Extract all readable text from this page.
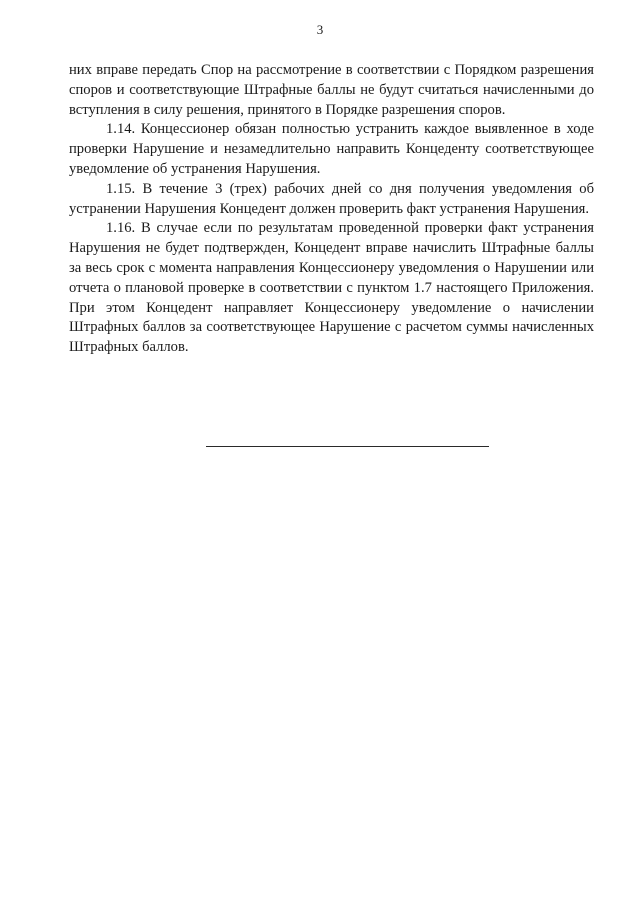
3

них вправе передать Спор на рассмотрение в соответствии с Порядком разрешения споров и соответствующие Штрафные баллы не будут считаться начисленными до вступления в силу решения, принятого в Порядке разрешения споров.

1.14. Концессионер обязан полностью устранить каждое выявленное в ходе проверки Нарушение и незамедлительно направить Концеденту соответствующее уведомление об устранения Нарушения.

1.15. В течение 3 (трех) рабочих дней со дня получения уведомления об устранении Нарушения Концедент должен проверить факт устранения Нарушения.

1.16. В случае если по результатам проведенной проверки факт устранения Нарушения не будет подтвержден, Концедент вправе начислить Штрафные баллы за весь срок с момента направления Концессионеру уведомления о Нарушении или отчета о плановой проверке в соответствии с пунктом 1.7 настоящего Приложения. При этом Концедент направляет Концессионеру уведомление о начислении Штрафных баллов за соответствующее Нарушение с расчетом суммы начисленных Штрафных баллов.
